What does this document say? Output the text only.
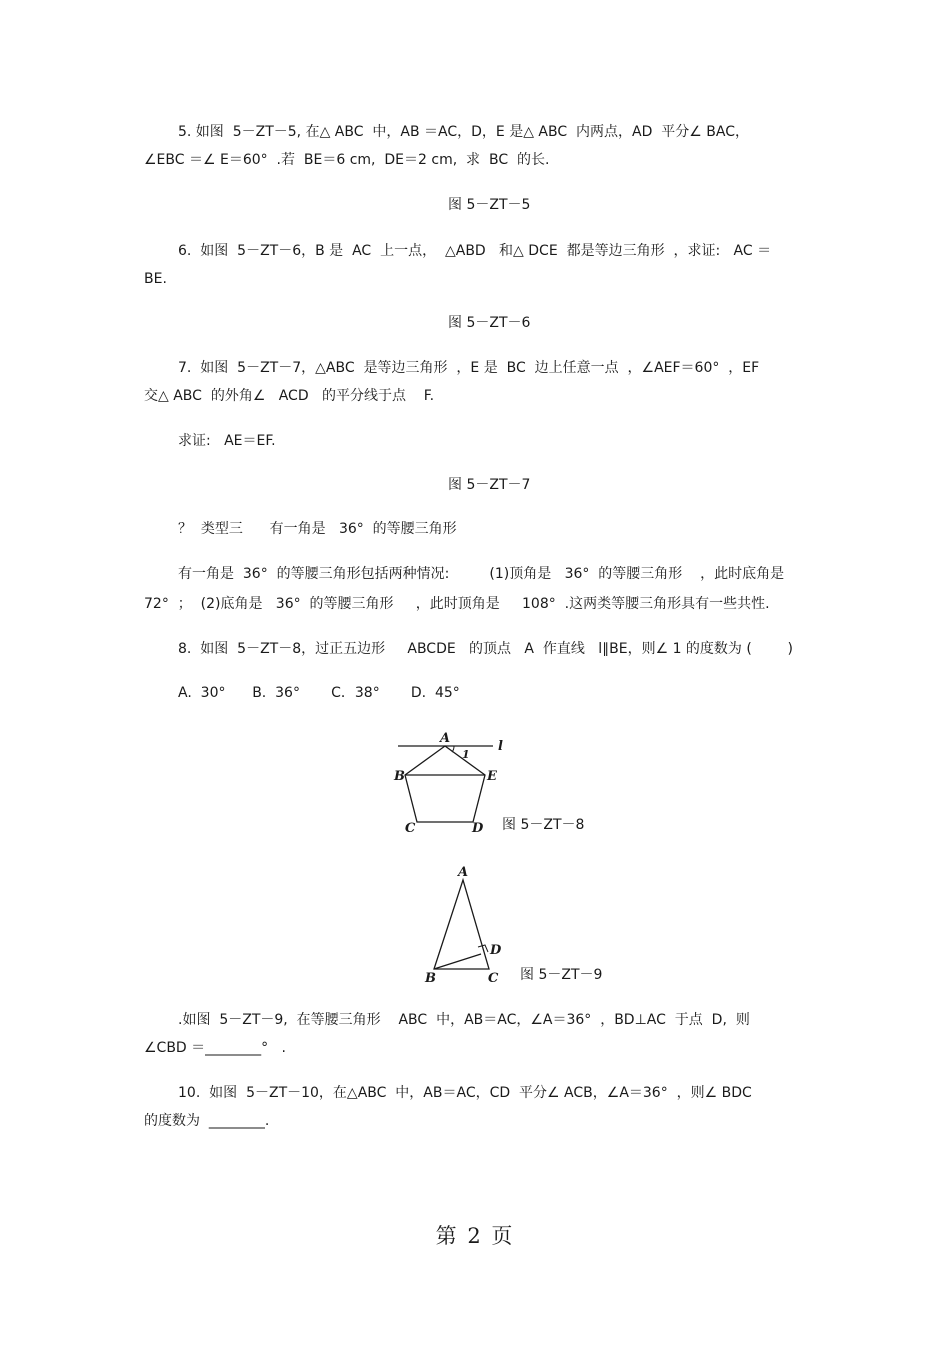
5. 如图  5－ZT－5, 在△ ABC  中，AB ＝AC，D，E 是△ ABC  内两点，AD  平分∠ BAC，
∠EBC ＝∠ E＝60°  .若  BE＝6 cm,  DE＝2 cm,  求  BC  的长.
图 5－ZT－5
6.  如图  5－ZT－6，B 是  AC  上一点，  △ABD   和△ DCE  都是等边三角形  ，求证:   AC ＝
BE.
图 5－ZT－6
7.  如图  5－ZT－7，△ABC  是等边三角形  ，E 是  BC  边上任意一点  ，∠AEF＝60°  ，EF
交△ ABC  的外角∠   ACD   的平分线于点    F.
求证:   AE＝EF.
图 5－ZT－7
？  类型三      有一角是   36°  的等腰三角形
有一角是  36°  的等腰三角形包括两种情况:         (1)顶角是   36°  的等腰三角形    ，此时底角是
72°  ；  (2)底角是   36°  的等腰三角形     ，此时顶角是     108°  .这两类等腰三角形具有一些共性.
8.  如图  5－ZT－8，过正五边形     ABCDE   的顶点   A  作直线   l∥BE，则∠ 1 的度数为 (        )
A.  30°      B.  36°       C．38°       D.  45°
A
l
1
B	E
C	D 图 5－ZT－8
A
B	C
D
图 5－ZT－9
.如图  5－ZT－9,  在等腰三角形    ABC  中，AB＝AC，∠A＝36°  ，BD⊥AC  于点  D,  则
∠CBD ＝________°   .
10.  如图  5－ZT－10，在△ABC  中，AB＝AC，CD  平分∠ ACB，∠A＝36°  ，则∠ BDC
的度数为  ________.
第 2 页
